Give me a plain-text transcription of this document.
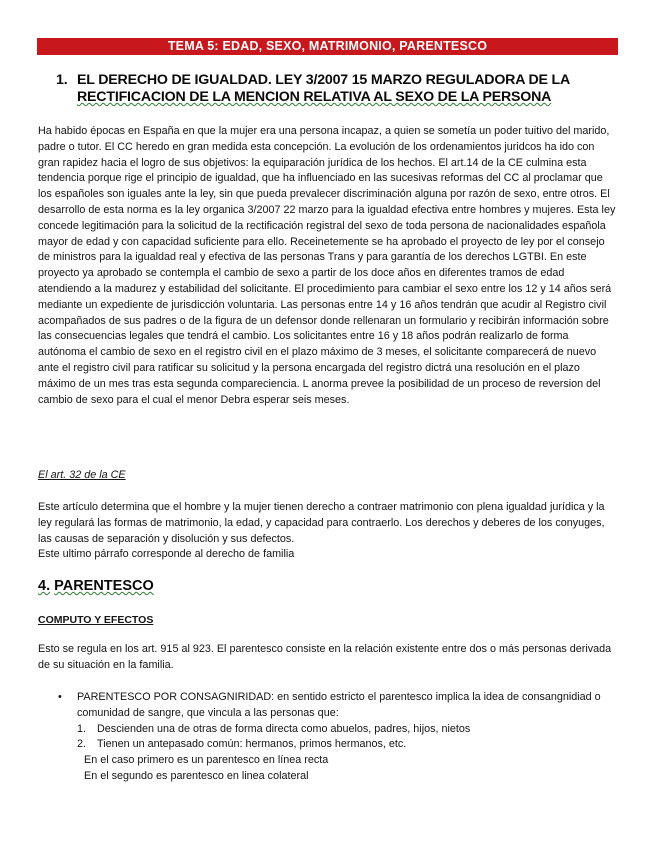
TEMA 5: EDAD, SEXO, MATRIMONIO, PARENTESCO
1. EL DERECHO DE IGUALDAD. LEY 3/2007 15 MARZO REGULADORA DE LA
RECTIFICACION DE LA MENCION RELATIVA AL SEXO DE LA PERSONA
Ha habido épocas en España en que la mujer era una persona incapaz, a quien se sometía un poder tuitivo del marido, padre o tutor. El CC heredo en gran medida esta concepción. La evolución de los ordenamientos juridcos ha ido con gran rapidez hacia el logro de sus objetivos: la equiparación jurídica de los hechos. El art.14 de la CE culmina esta tendencia porque rige el principio de igualdad, que ha influenciado en las sucesivas reformas del CC al proclamar que los españoles son iguales ante la ley, sin que pueda prevalecer discriminación alguna por razón de sexo, entre otros. El desarrollo de esta norma es la ley organica 3/2007 22 marzo para la igualdad efectiva entre hombres y mujeres. Esta ley concede legitimación para la solicitud de la rectificación registral del sexo de toda persona de nacionalidades española mayor de edad y con capacidad suficiente para ello. Receinetemente se ha aprobado el proyecto de ley por el consejo de ministros para la igualdad real y efectiva de las personas Trans y para garantía de los derechos LGTBI. En este proyecto ya aprobado se contempla el cambio de sexo a partir de los doce años en diferentes tramos de edad atendiendo a la madurez y estabilidad del solicitante. El procedimiento para cambiar el sexo entre los 12 y 14 años será mediante un expediente de jurisdicción voluntaria. Las personas entre 14 y 16 años tendrán que acudir al Registro civil acompañados de sus padres o de la figura de un defensor donde rellenaran un formulario y recibirán información sobre las consecuencias legales que tendrá el cambio. Los solicitantes entre 16 y 18 años podrán realizarlo de forma autónoma el cambio de sexo en el registro civil en el plazo máximo de 3 meses, el solicitante comparecerá de nuevo ante el registro civil para ratificar su solicitud y la persona encargada del registro dictrá una resolución en el plazo máximo de un mes tras esta segunda compareciencia. L anorma prevee la posibilidad de un proceso de reversion del cambio de sexo para el cual el menor Debra esperar seis meses.
El art. 32 de la CE
Este artículo determina que el hombre y la mujer tienen derecho a contraer matrimonio con plena igualdad jurídica y la ley regulará las formas de matrimonio, la edad, y capacidad para contraerlo. Los derechos y deberes de los conyuges, las causas de separación y disolución y sus defectos.
Este ultimo párrafo corresponde al derecho de familia
4. PARENTESCO
COMPUTO Y EFECTOS
Esto se regula en los art. 915 al 923. El parentesco consiste en la relación existente entre dos o más personas derivada de su situación en la familia.
•	PARENTESCO POR CONSAGNIRIDAD: en sentido estricto el parentesco implica la idea de consangnidiad o comunidad de sangre, que vincula a las personas que:
1.	Descienden una de otras de forma directa como abuelos, padres, hijos, nietos
2.	Tienen un antepasado común: hermanos, primos hermanos, etc.
En el caso primero es un parentesco en línea recta
En el segundo es parentesco en linea colateral
